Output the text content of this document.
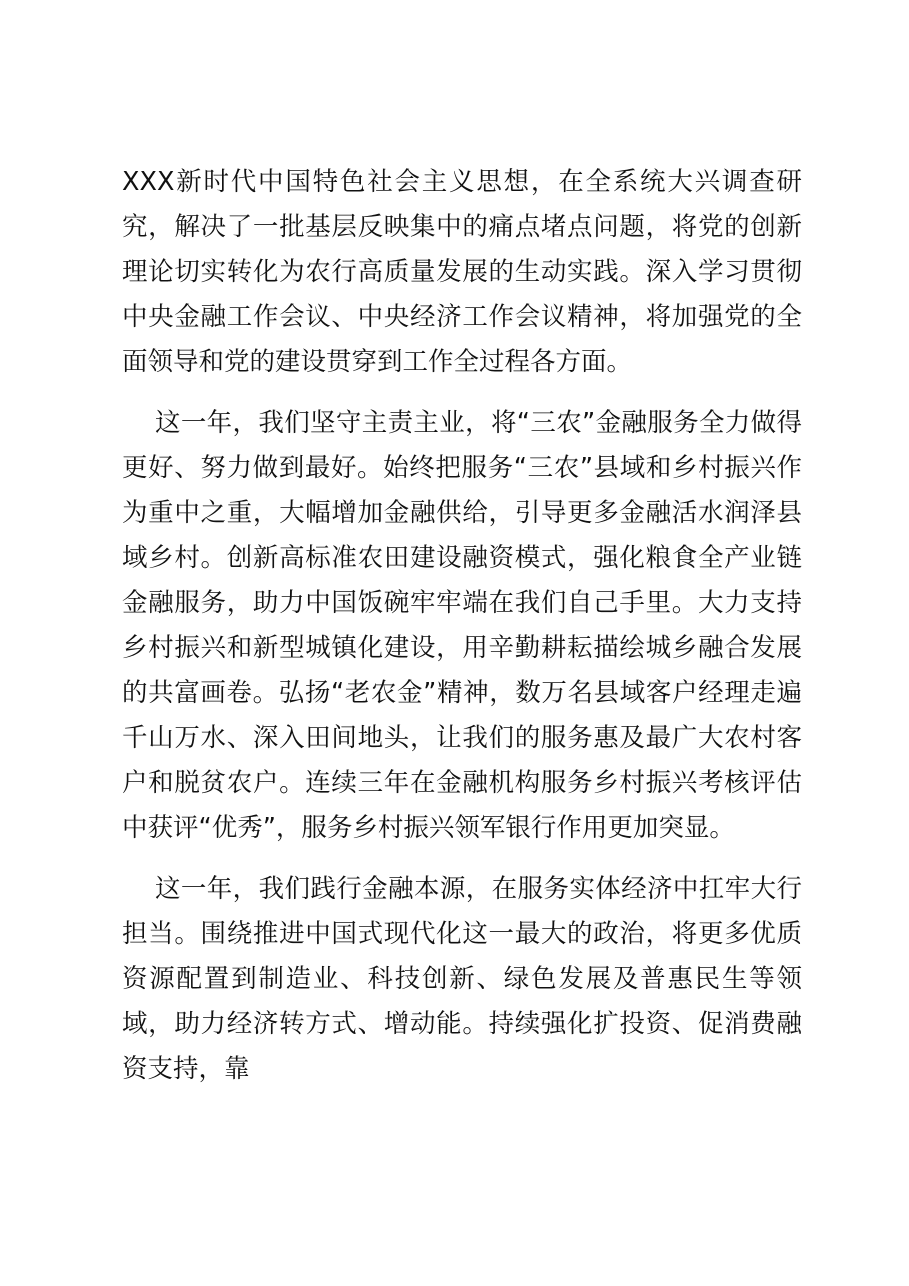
XXX新时代中国特色社会主义思想，在全系统大兴调查研究，解决了一批基层反映集中的痛点堵点问题，将党的创新理论切实转化为农行高质量发展的生动实践。深入学习贯彻中央金融工作会议、中央经济工作会议精神，将加强党的全面领导和党的建设贯穿到工作全过程各方面。

这一年，我们坚守主责主业，将“三农”金融服务全力做得更好、努力做到最好。始终把服务“三农”县域和乡村振兴作为重中之重，大幅增加金融供给，引导更多金融活水润泽县域乡村。创新高标准农田建设融资模式，强化粮食全产业链金融服务，助力中国饭碗牢牢端在我们自己手里。大力支持乡村振兴和新型城镇化建设，用辛勤耕耘描绘城乡融合发展的共富画卷。弘扬“老农金”精神，数万名县域客户经理走遍千山万水、深入田间地头，让我们的服务惠及最广大农村客户和脱贫农户。连续三年在金融机构服务乡村振兴考核评估中获评“优秀”，服务乡村振兴领军银行作用更加突显。

这一年，我们践行金融本源，在服务实体经济中扛牢大行担当。围绕推进中国式现代化这一最大的政治，将更多优质资源配置到制造业、科技创新、绿色发展及普惠民生等领域，助力经济转方式、增动能。持续强化扩投资、促消费融资支持，靠
